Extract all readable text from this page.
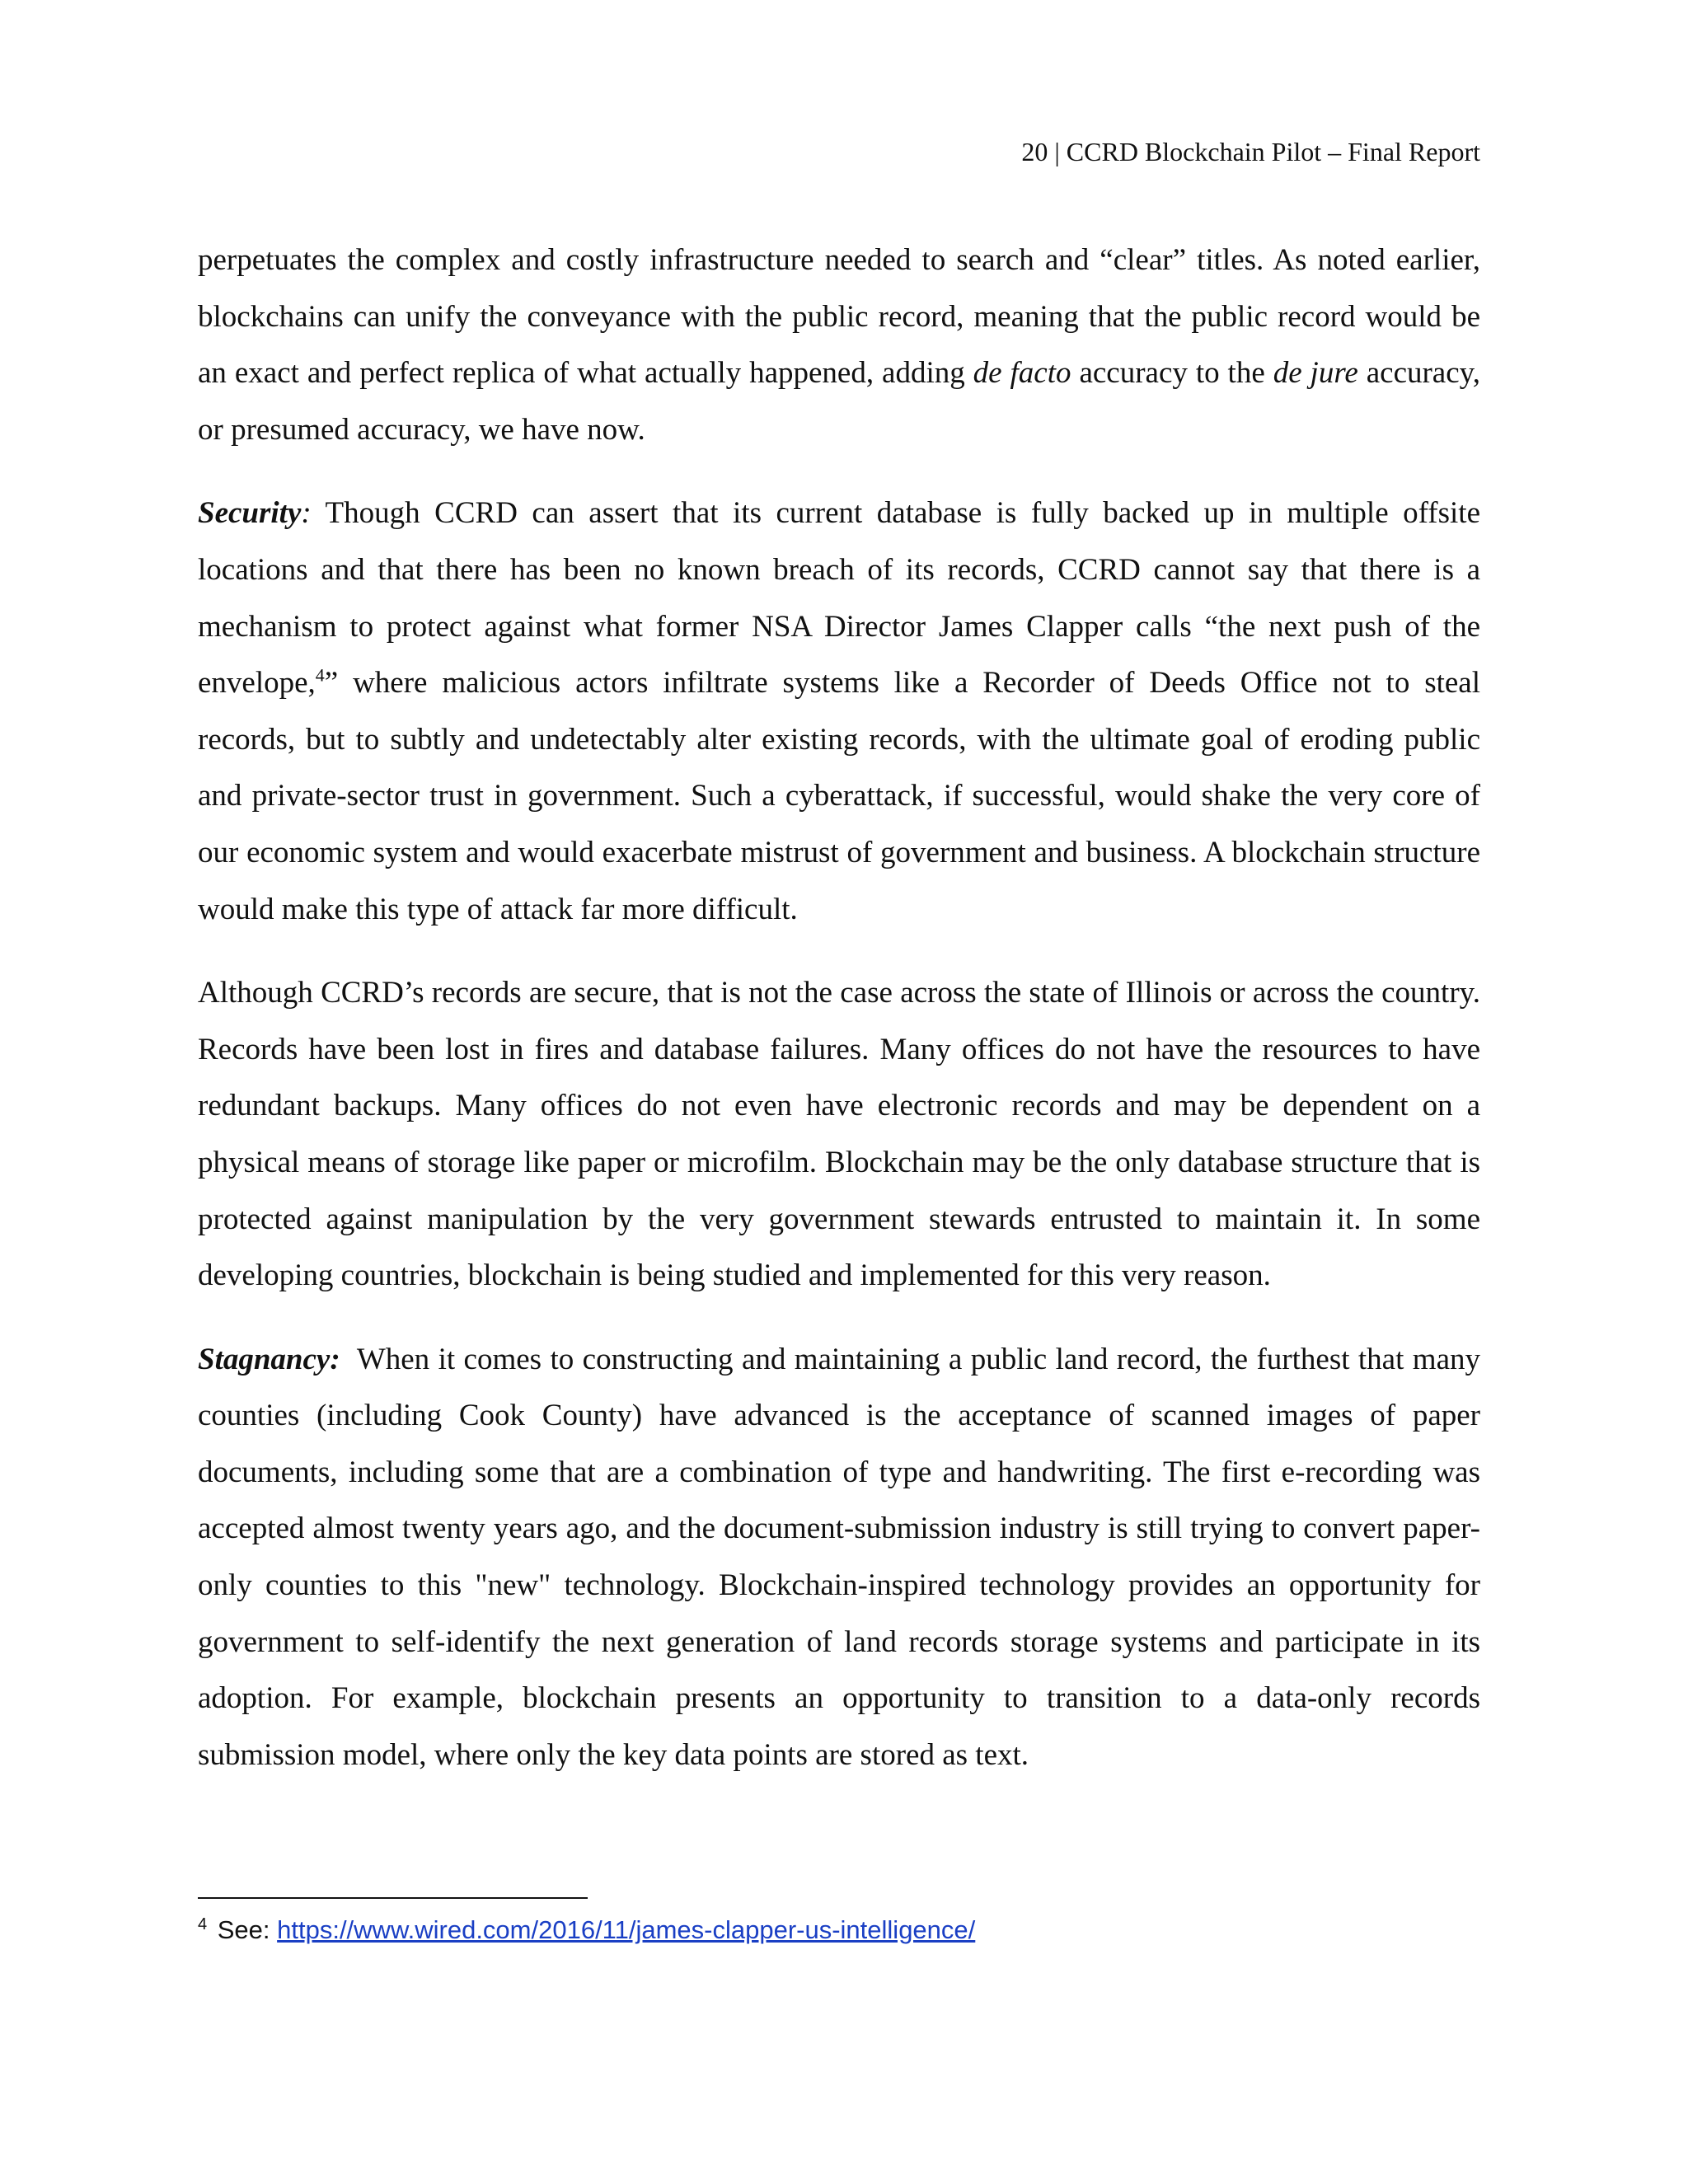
20 | CCRD Blockchain Pilot – Final Report

perpetuates the complex and costly infrastructure needed to search and “clear” titles. As noted earlier, blockchains can unify the conveyance with the public record, meaning that the public record would be an exact and perfect replica of what actually happened, adding de facto accuracy to the de jure accuracy, or presumed accuracy, we have now.

Security: Though CCRD can assert that its current database is fully backed up in multiple offsite locations and that there has been no known breach of its records, CCRD cannot say that there is a mechanism to protect against what former NSA Director James Clapper calls “the next push of the envelope,$^4$” where malicious actors infiltrate systems like a Recorder of Deeds Office not to steal records, but to subtly and undetectably alter existing records, with the ultimate goal of eroding public and private-sector trust in government. Such a cyberattack, if successful, would shake the very core of our economic system and would exacerbate mistrust of government and business. A blockchain structure would make this type of attack far more difficult.

Although CCRD’s records are secure, that is not the case across the state of Illinois or across the country. Records have been lost in fires and database failures. Many offices do not have the resources to have redundant backups. Many offices do not even have electronic records and may be dependent on a physical means of storage like paper or microfilm. Blockchain may be the only database structure that is protected against manipulation by the very government stewards entrusted to maintain it. In some developing countries, blockchain is being studied and implemented for this very reason.

Stagnancy:  When it comes to constructing and maintaining a public land record, the furthest that many counties (including Cook County) have advanced is the acceptance of scanned images of paper documents, including some that are a combination of type and handwriting. The first e-recording was accepted almost twenty years ago, and the document-submission industry is still trying to convert paper-only counties to this "new" technology. Blockchain-inspired technology provides an opportunity for government to self-identify the next generation of land records storage systems and participate in its adoption. For example, blockchain presents an opportunity to transition to a data-only records submission model, where only the key data points are stored as text.

$^4$ See: https://www.wired.com/2016/11/james-clapper-us-intelligence/
